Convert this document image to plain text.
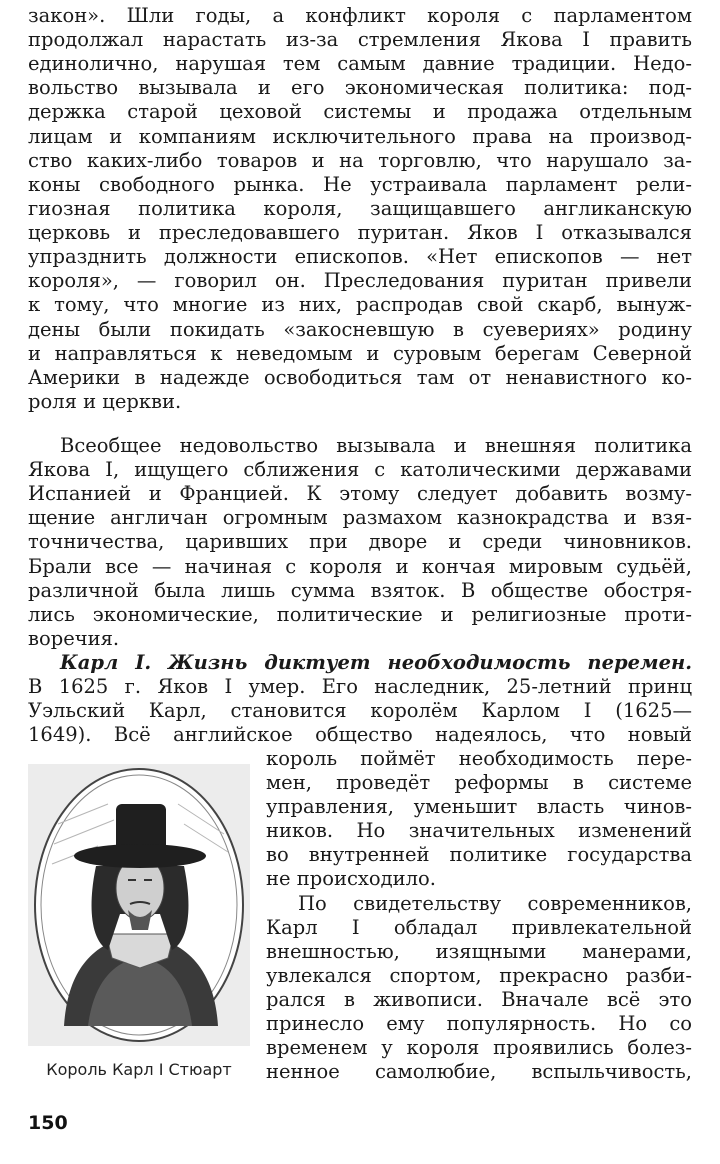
закон». Шли годы, а конфликт короля с парламентом
продолжал нарастать из-за стремления Якова I править
единолично, нарушая тем самым давние традиции. Недо-
вольство вызывала и его экономическая политика: под-
держка старой цеховой системы и продажа отдельным
лицам и компаниям исключительного права на производ-
ство каких-либо товаров и на торговлю, что нарушало за-
коны свободного рынка. Не устраивала парламент рели-
гиозная политика короля, защищавшего англиканскую
церковь и преследовавшего пуритан. Яков I отказывался
упразднить должности епископов. «Нет епископов — нет
короля», — говорил он. Преследования пуритан привели
к тому, что многие из них, распродав свой скарб, вынуж-
дены были покидать «закосневшую в суевериях» родину
и направляться к неведомым и суровым берегам Северной
Америки в надежде освободиться там от ненавистного ко-
роля и церкви.
Всеобщее недовольство вызывала и внешняя политика
Якова I, ищущего сближения с католическими державами
Испанией и Францией. К этому следует добавить возму-
щение англичан огромным размахом казнокрадства и взя-
точничества, царивших при дворе и среди чиновников.
Брали все — начиная с короля и кончая мировым судьёй,
различной была лишь сумма взяток. В обществе обостря-
лись экономические, политические и религиозные проти-
воречия.
Карл I. Жизнь диктует необходимость перемен.
В 1625 г. Яков I умер. Его наследник, 25-летний принц
Уэльский Карл, становится королём Карлом I (1625—
1649). Всё английское общество надеялось, что новый
король поймёт необходимость пере-
мен, проведёт реформы в системе
управления, уменьшит власть чинов-
ников. Но значительных изменений
во внутренней политике государства
не происходило.
По свидетельству современников,
Карл I обладал привлекательной
внешностью, изящными манерами,
увлекался спортом, прекрасно разби-
рался в живописи. Вначале всё это
принесло ему популярность. Но со
временем у короля проявились болез-
ненное самолюбие, вспыльчивость,
Король Карл I Стюарт
150
